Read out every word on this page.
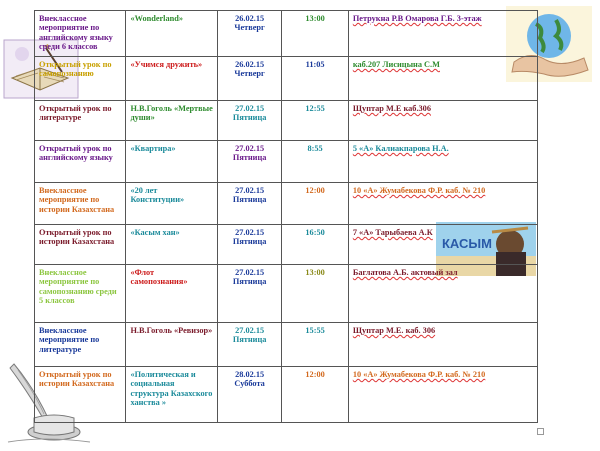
КАСЫМ
Внеклассное мероприятие по английскому языку среди 6 классов	«Wonderland»	26.02.15
Четверг	13:00	Петрукна Р.В Омарова Г.Б. 3-этаж
Открытый урок по самопознанию	«Учимся дружить»	26.02.15
Четверг	11:05	каб.207 Лисицына С.М
Открытый урок по литературе	Н.В.Гоголь «Мертвые души»	27.02.15
Пятница	12:55	Щуптар М.Е каб.306
Открытый урок по английскому языку	«Квартира»	27.02.15
Пятница	8:55	5 «А» Калиакпарова Н.А.
Внеклассное мероприятие по истории Казахстана	«20 лет Конституции»	27.02.15
Пятница	12:00	10 «А» Жумабекова Ф.Р. каб. № 210
Открытый урок по истории Казахстана	«Касым хан»	27.02.15
Пятница	16:50	7 «А» Тарыбаева А.К
Внеклассное мероприятие по самопознанию среди 5 классов	«Флот самопознания»	27.02.15
Пятница	13:00	Баглатова А.Б. актовый зал
Внеклассное мероприятие по литературе	Н.В.Гоголь «Ревизор»	27.02.15
Пятница	15:55	Щуптар М.Е. каб. 306
Открытый урок по истории Казахстана	«Политическая и социальная структура Казахского ханства »	28.02.15
Суббота	12:00	10 «А» Жумабекова Ф.Р. каб. № 210
